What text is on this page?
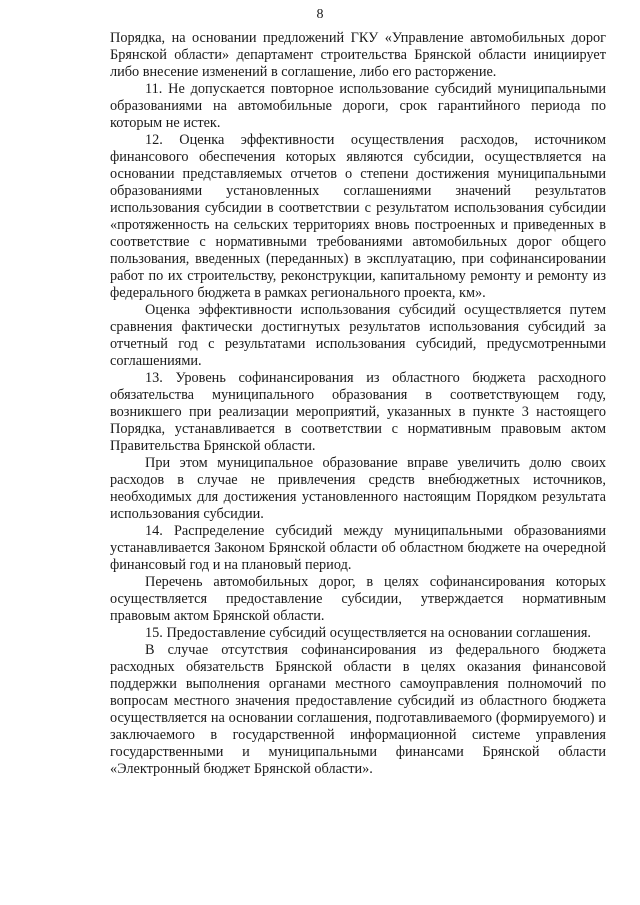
8

Порядка, на основании предложений ГКУ «Управление автомобильных дорог Брянской области» департамент строительства Брянской области инициирует либо внесение изменений в соглашение, либо его расторжение.

11. Не допускается повторное использование субсидий муниципальными образованиями на автомобильные дороги, срок гарантийного периода по которым не истек.

12. Оценка эффективности осуществления расходов, источником финансового обеспечения которых являются субсидии, осуществляется на основании представляемых отчетов о степени достижения муниципальными образованиями установленных соглашениями значений результатов использования субсидии в соответствии с результатом использования субсидии «протяженность на сельских территориях вновь построенных и приведенных в соответствие с нормативными требованиями автомобильных дорог общего пользования, введенных (переданных) в эксплуатацию, при софинансировании работ по их строительству, реконструкции, капитальному ремонту и ремонту из федерального бюджета в рамках регионального проекта, км».

Оценка эффективности использования субсидий осуществляется путем сравнения фактически достигнутых результатов использования субсидий за отчетный год с результатами использования субсидий, предусмотренными соглашениями.

13. Уровень софинансирования из областного бюджета расходного обязательства муниципального образования в соответствующем году, возникшего при реализации мероприятий, указанных в пункте 3 настоящего Порядка, устанавливается в соответствии с нормативным правовым актом Правительства Брянской области.

При этом муниципальное образование вправе увеличить долю своих расходов в случае не привлечения средств внебюджетных источников, необходимых для достижения установленного настоящим Порядком результата использования субсидии.

14. Распределение субсидий между муниципальными образованиями устанавливается Законом Брянской области об областном бюджете на очередной финансовый год и на плановый период.

Перечень автомобильных дорог, в целях софинансирования которых осуществляется предоставление субсидии, утверждается нормативным правовым актом Брянской области.

15. Предоставление субсидий осуществляется на основании соглашения.

В случае отсутствия софинансирования из федерального бюджета расходных обязательств Брянской области в целях оказания финансовой поддержки выполнения органами местного самоуправления полномочий по вопросам местного значения предоставление субсидий из областного бюджета осуществляется на основании соглашения, подготавливаемого (формируемого) и заключаемого в государственной информационной системе управления государственными и муниципальными финансами Брянской области «Электронный бюджет Брянской области».
